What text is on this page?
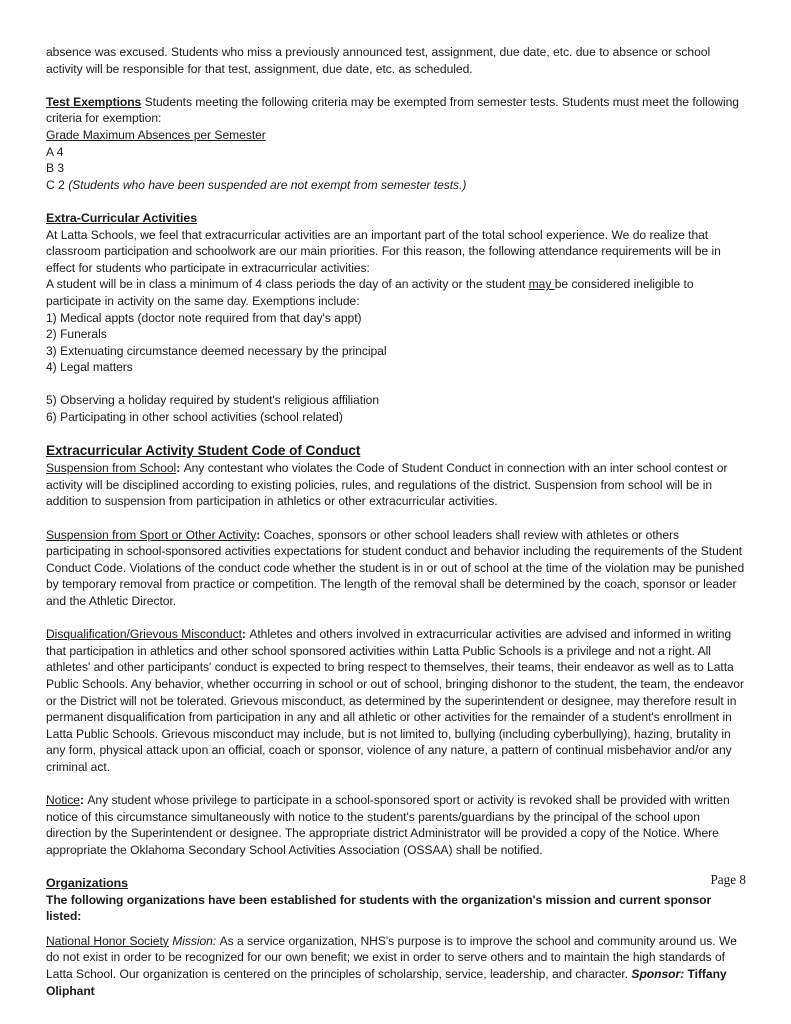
absence was excused. Students who miss a previously announced test, assignment, due date, etc. due to absence or school activity will be responsible for that test, assignment, due date, etc. as scheduled.

Test Exemptions Students meeting the following criteria may be exempted from semester tests. Students must meet the following criteria for exemption:

Grade Maximum Absences per Semester

A 4

B 3

C 2 (Students who have been suspended are not exempt from semester tests.)

Extra-Curricular Activities

At Latta Schools, we feel that extracurricular activities are an important part of the total school experience. We do realize that classroom participation and schoolwork are our main priorities. For this reason, the following attendance requirements will be in effect for students who participate in extracurricular activities:

A student will be in class a minimum of 4 class periods the day of an activity or the student may be considered ineligible to participate in activity on the same day. Exemptions include:

1) Medical appts (doctor note required from that day's appt)

2) Funerals

3) Extenuating circumstance deemed necessary by the principal

4) Legal matters

5) Observing a holiday required by student's religious affiliation

6) Participating in other school activities (school related)

Extracurricular Activity Student Code of Conduct

Suspension from School: Any contestant who violates the Code of Student Conduct in connection with an inter school contest or activity will be disciplined according to existing policies, rules, and regulations of the district. Suspension from school will be in addition to suspension from participation in athletics or other extracurricular activities.

Suspension from Sport or Other Activity: Coaches, sponsors or other school leaders shall review with athletes or others participating in school-sponsored activities expectations for student conduct and behavior including the requirements of the Student Conduct Code. Violations of the conduct code whether the student is in or out of school at the time of the violation may be punished by temporary removal from practice or competition. The length of the removal shall be determined by the coach, sponsor or leader and the Athletic Director.

Disqualification/Grievous Misconduct: Athletes and others involved in extracurricular activities are advised and informed in writing that participation in athletics and other school sponsored activities within Latta Public Schools is a privilege and not a right. All athletes' and other participants' conduct is expected to bring respect to themselves, their teams, their endeavor as well as to Latta Public Schools. Any behavior, whether occurring in school or out of school, bringing dishonor to the student, the team, the endeavor or the District will not be tolerated. Grievous misconduct, as determined by the superintendent or designee, may therefore result in permanent disqualification from participation in any and all athletic or other activities for the remainder of a student's enrollment in Latta Public Schools. Grievous misconduct may include, but is not limited to, bullying (including cyberbullying), hazing, brutality in any form, physical attack upon an official, coach or sponsor, violence of any nature, a pattern of continual misbehavior and/or any criminal act.

Notice: Any student whose privilege to participate in a school-sponsored sport or activity is revoked shall be provided with written notice of this circumstance simultaneously with notice to the student's parents/guardians by the principal of the school upon direction by the Superintendent or designee. The appropriate district Administrator will be provided a copy of the Notice. Where appropriate the Oklahoma Secondary School Activities Association (OSSAA) shall be notified.

Organizations

The following organizations have been established for students with the organization's mission and current sponsor listed:

National Honor Society Mission: As a service organization, NHS's purpose is to improve the school and community around us. We do not exist in order to be recognized for our own benefit; we exist in order to serve others and to maintain the high standards of Latta School. Our organization is centered on the principles of scholarship, service, leadership, and character. Sponsor: Tiffany Oliphant

Page 8
